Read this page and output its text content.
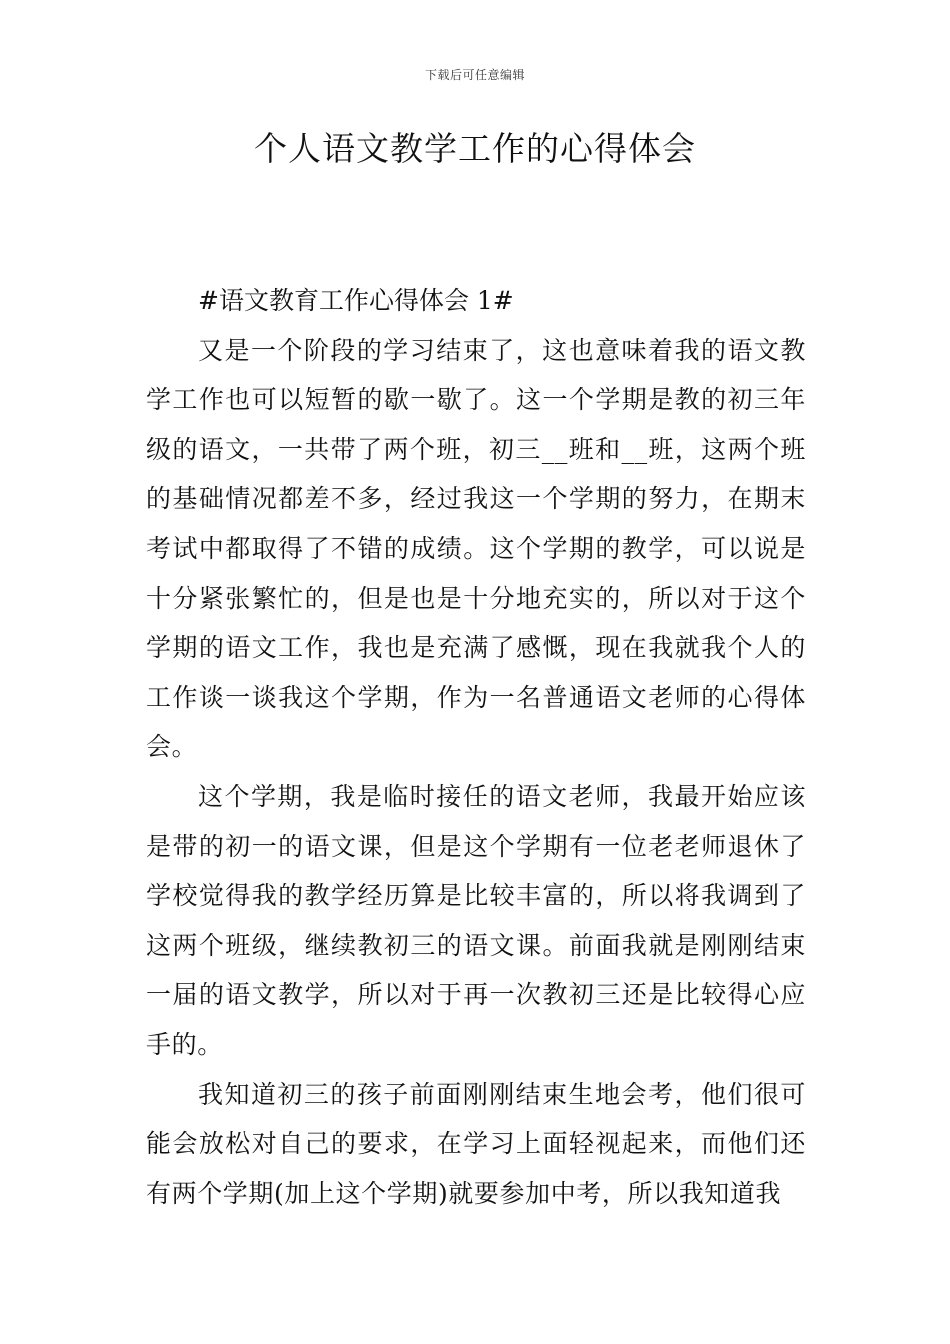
下载后可任意编辑
个人语文教学工作的心得体会

#语文教育工作心得体会 1#

又是一个阶段的学习结束了，这也意味着我的语文教学工作也可以短暂的歇一歇了。这一个学期是教的初三年级的语文，一共带了两个班，初三__班和__班，这两个班的基础情况都差不多，经过我这一个学期的努力，在期末考试中都取得了不错的成绩。这个学期的教学，可以说是十分紧张繁忙的，但是也是十分地充实的，所以对于这个学期的语文工作，我也是充满了感慨，现在我就我个人的工作谈一谈我这个学期，作为一名普通语文老师的心得体会。

这个学期，我是临时接任的语文老师，我最开始应该是带的初一的语文课，但是这个学期有一位老老师退休了学校觉得我的教学经历算是比较丰富的，所以将我调到了这两个班级，继续教初三的语文课。前面我就是刚刚结束一届的语文教学，所以对于再一次教初三还是比较得心应手的。

我知道初三的孩子前面刚刚结束生地会考，他们很可能会放松对自己的要求，在学习上面轻视起来，而他们还有两个学期(加上这个学期)就要参加中考，所以我知道我
